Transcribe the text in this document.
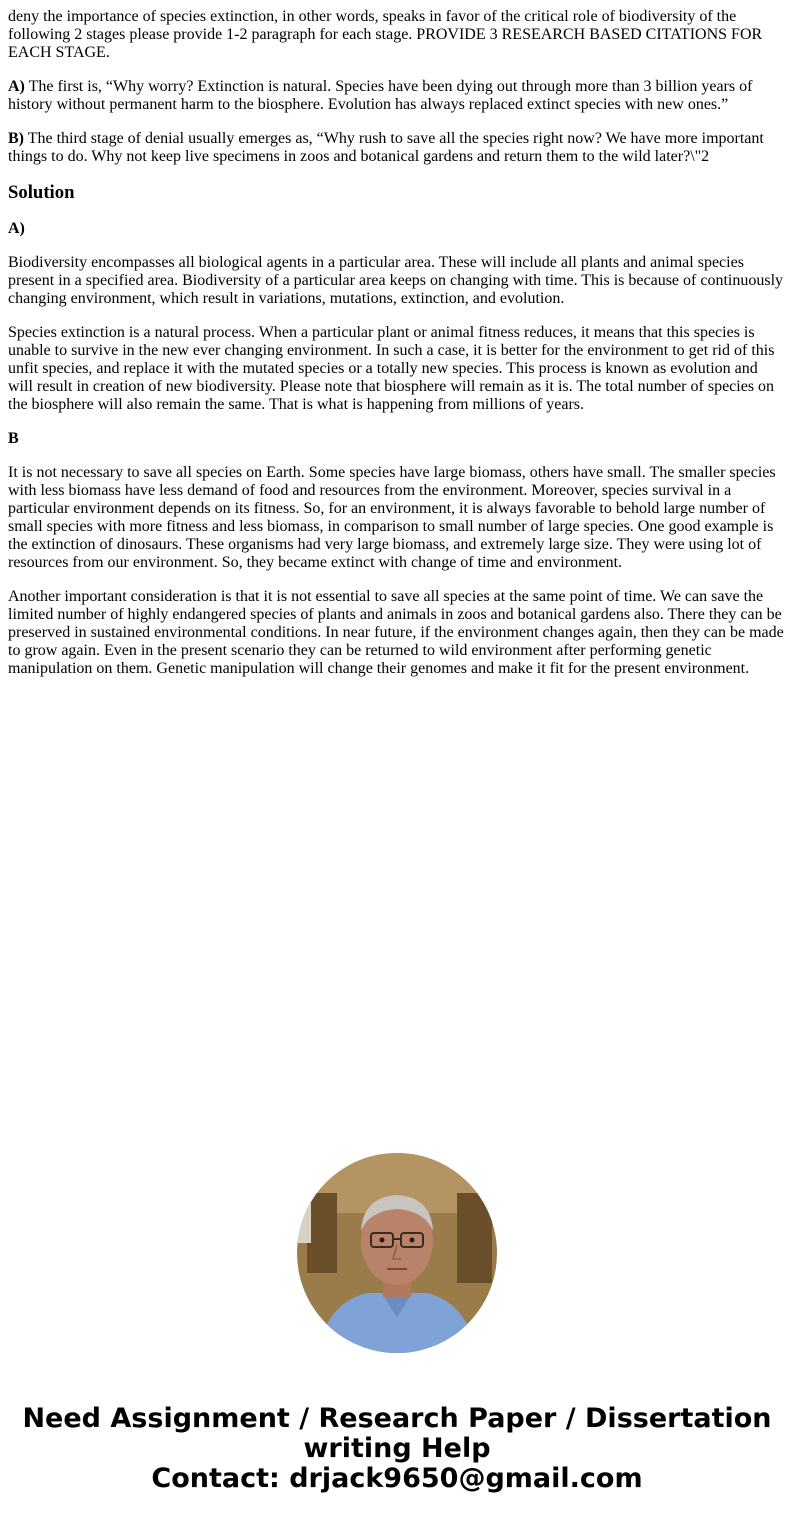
deny the importance of species extinction, in other words, speaks in favor of the critical role of biodiversity of the following 2 stages please provide 1-2 paragraph for each stage. PROVIDE 3 RESEARCH BASED CITATIONS FOR EACH STAGE.

A) The first is, “Why worry? Extinction is natural. Species have been dying out through more than 3 billion years of history without permanent harm to the biosphere. Evolution has always replaced extinct species with new ones.”

B) The third stage of denial usually emerges as, “Why rush to save all the species right now? We have more important things to do. Why not keep live specimens in zoos and botanical gardens and return them to the wild later?\"2

Solution

A)

Biodiversity encompasses all biological agents in a particular area. These will include all plants and animal species present in a specified area. Biodiversity of a particular area keeps on changing with time. This is because of continuously changing environment, which result in variations, mutations, extinction, and evolution.

Species extinction is a natural process. When a particular plant or animal fitness reduces, it means that this species is unable to survive in the new ever changing environment. In such a case, it is better for the environment to get rid of this unfit species, and replace it with the mutated species or a totally new species. This process is known as evolution and will result in creation of new biodiversity. Please note that biosphere will remain as it is. The total number of species on the biosphere will also remain the same. That is what is happening from millions of years.

B

It is not necessary to save all species on Earth. Some species have large biomass, others have small. The smaller species with less biomass have less demand of food and resources from the environment. Moreover, species survival in a particular environment depends on its fitness. So, for an environment, it is always favorable to behold large number of small species with more fitness and less biomass, in comparison to small number of large species. One good example is the extinction of dinosaurs. These organisms had very large biomass, and extremely large size. They were using lot of resources from our environment. So, they became extinct with change of time and environment.

Another important consideration is that it is not essential to save all species at the same point of time. We can save the limited number of highly endangered species of plants and animals in zoos and botanical gardens also. There they can be preserved in sustained environmental conditions. In near future, if the environment changes again, then they can be made to grow again. Even in the present scenario they can be returned to wild environment after performing genetic manipulation on them. Genetic manipulation will change their genomes and make it fit for the present environment.

Need Assignment / Research Paper / Dissertation
writing Help
Contact: drjack9650@gmail.com
